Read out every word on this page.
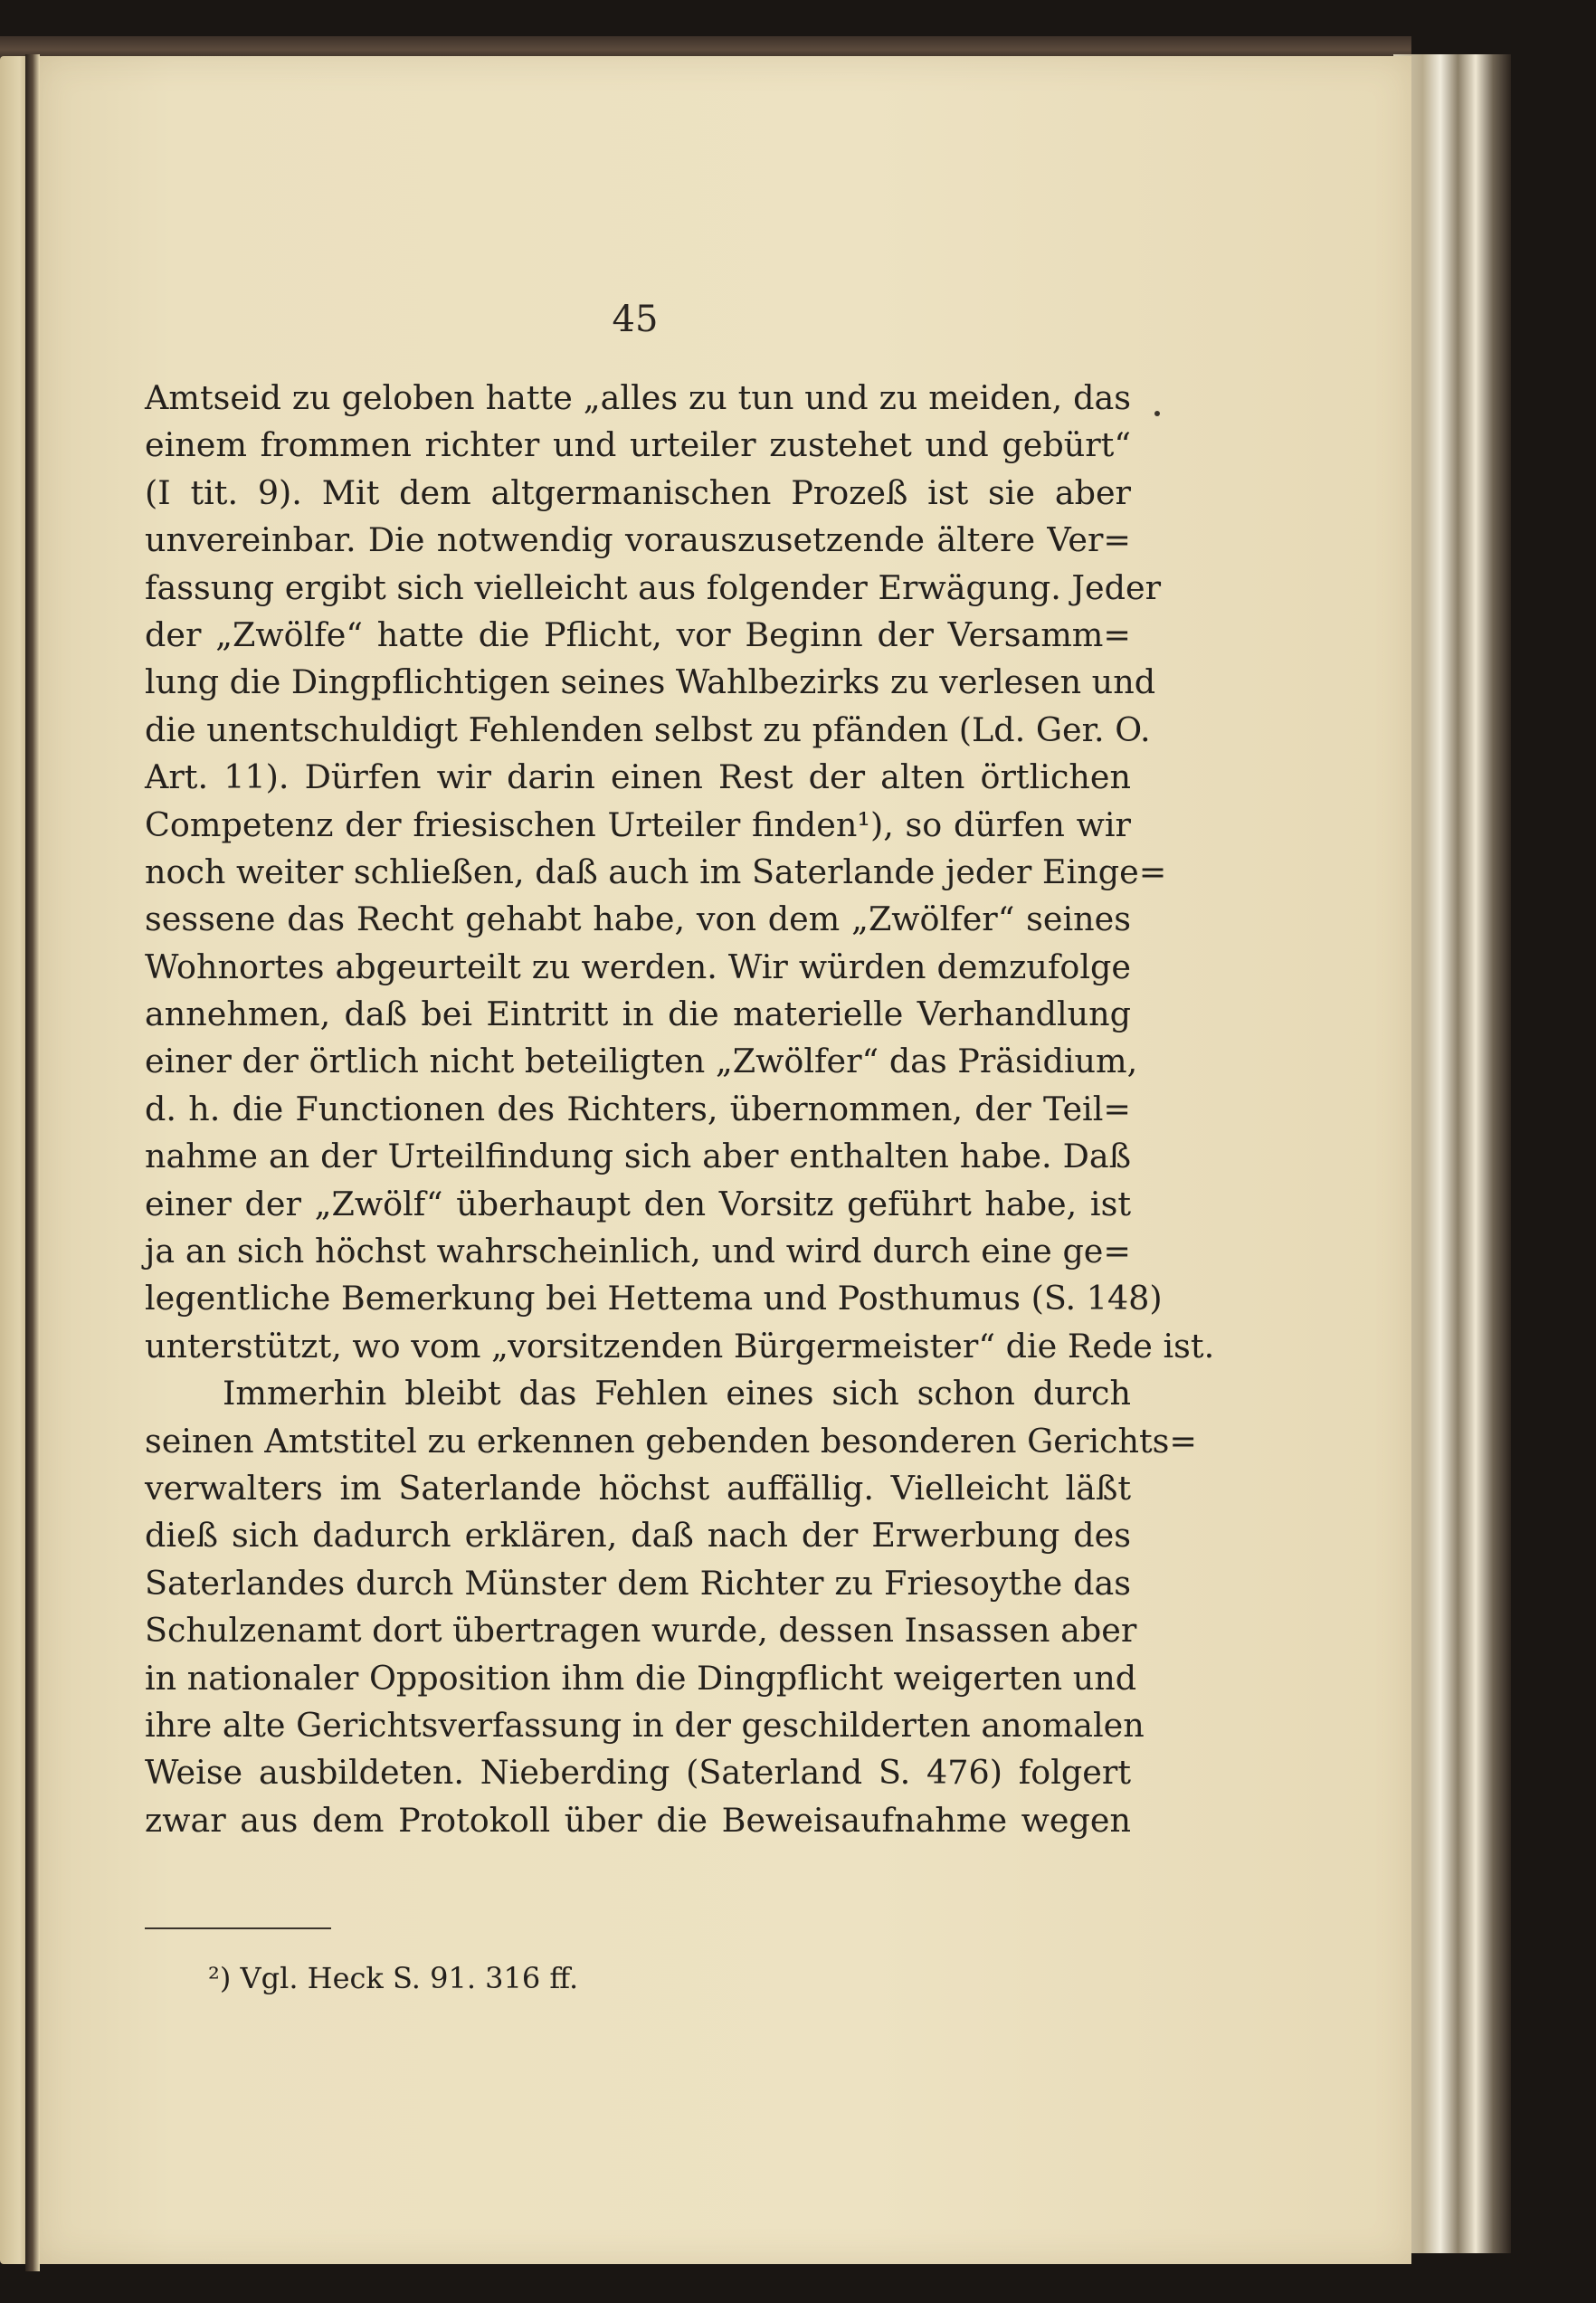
45
Amtseid zu geloben hatte „alles zu tun und zu meiden, das
einem frommen richter und urteiler zustehet und gebürt“
(I tit. 9). Mit dem altgermanischen Prozeß ist sie aber
unvereinbar. Die notwendig vorauszusetzende ältere Ver=
fassung ergibt sich vielleicht aus folgender Erwägung. Jeder
der „Zwölfe“ hatte die Pflicht, vor Beginn der Versamm=
lung die Dingpflichtigen seines Wahlbezirks zu verlesen und
die unentschuldigt Fehlenden selbst zu pfänden (Ld. Ger. O.
Art. 11). Dürfen wir darin einen Rest der alten örtlichen
Competenz der friesischen Urteiler finden¹), so dürfen wir
noch weiter schließen, daß auch im Saterlande jeder Einge=
sessene das Recht gehabt habe, von dem „Zwölfer“ seines
Wohnortes abgeurteilt zu werden. Wir würden demzufolge
annehmen, daß bei Eintritt in die materielle Verhandlung
einer der örtlich nicht beteiligten „Zwölfer“ das Präsidium,
d. h. die Functionen des Richters, übernommen, der Teil=
nahme an der Urteilfindung sich aber enthalten habe. Daß
einer der „Zwölf“ überhaupt den Vorsitz geführt habe, ist
ja an sich höchst wahrscheinlich, und wird durch eine ge=
legentliche Bemerkung bei Hettema und Posthumus (S. 148)
unterstützt, wo vom „vorsitzenden Bürgermeister“ die Rede ist.
Immerhin bleibt das Fehlen eines sich schon durch
seinen Amtstitel zu erkennen gebenden besonderen Gerichts=
verwalters im Saterlande höchst auffällig. Vielleicht läßt
dieß sich dadurch erklären, daß nach der Erwerbung des
Saterlandes durch Münster dem Richter zu Friesoythe das
Schulzenamt dort übertragen wurde, dessen Insassen aber
in nationaler Opposition ihm die Dingpflicht weigerten und
ihre alte Gerichtsverfassung in der geschilderten anomalen
Weise ausbildeten. Nieberding (Saterland S. 476) folgert
zwar aus dem Protokoll über die Beweisaufnahme wegen
²) Vgl. Heck S. 91. 316 ff.
